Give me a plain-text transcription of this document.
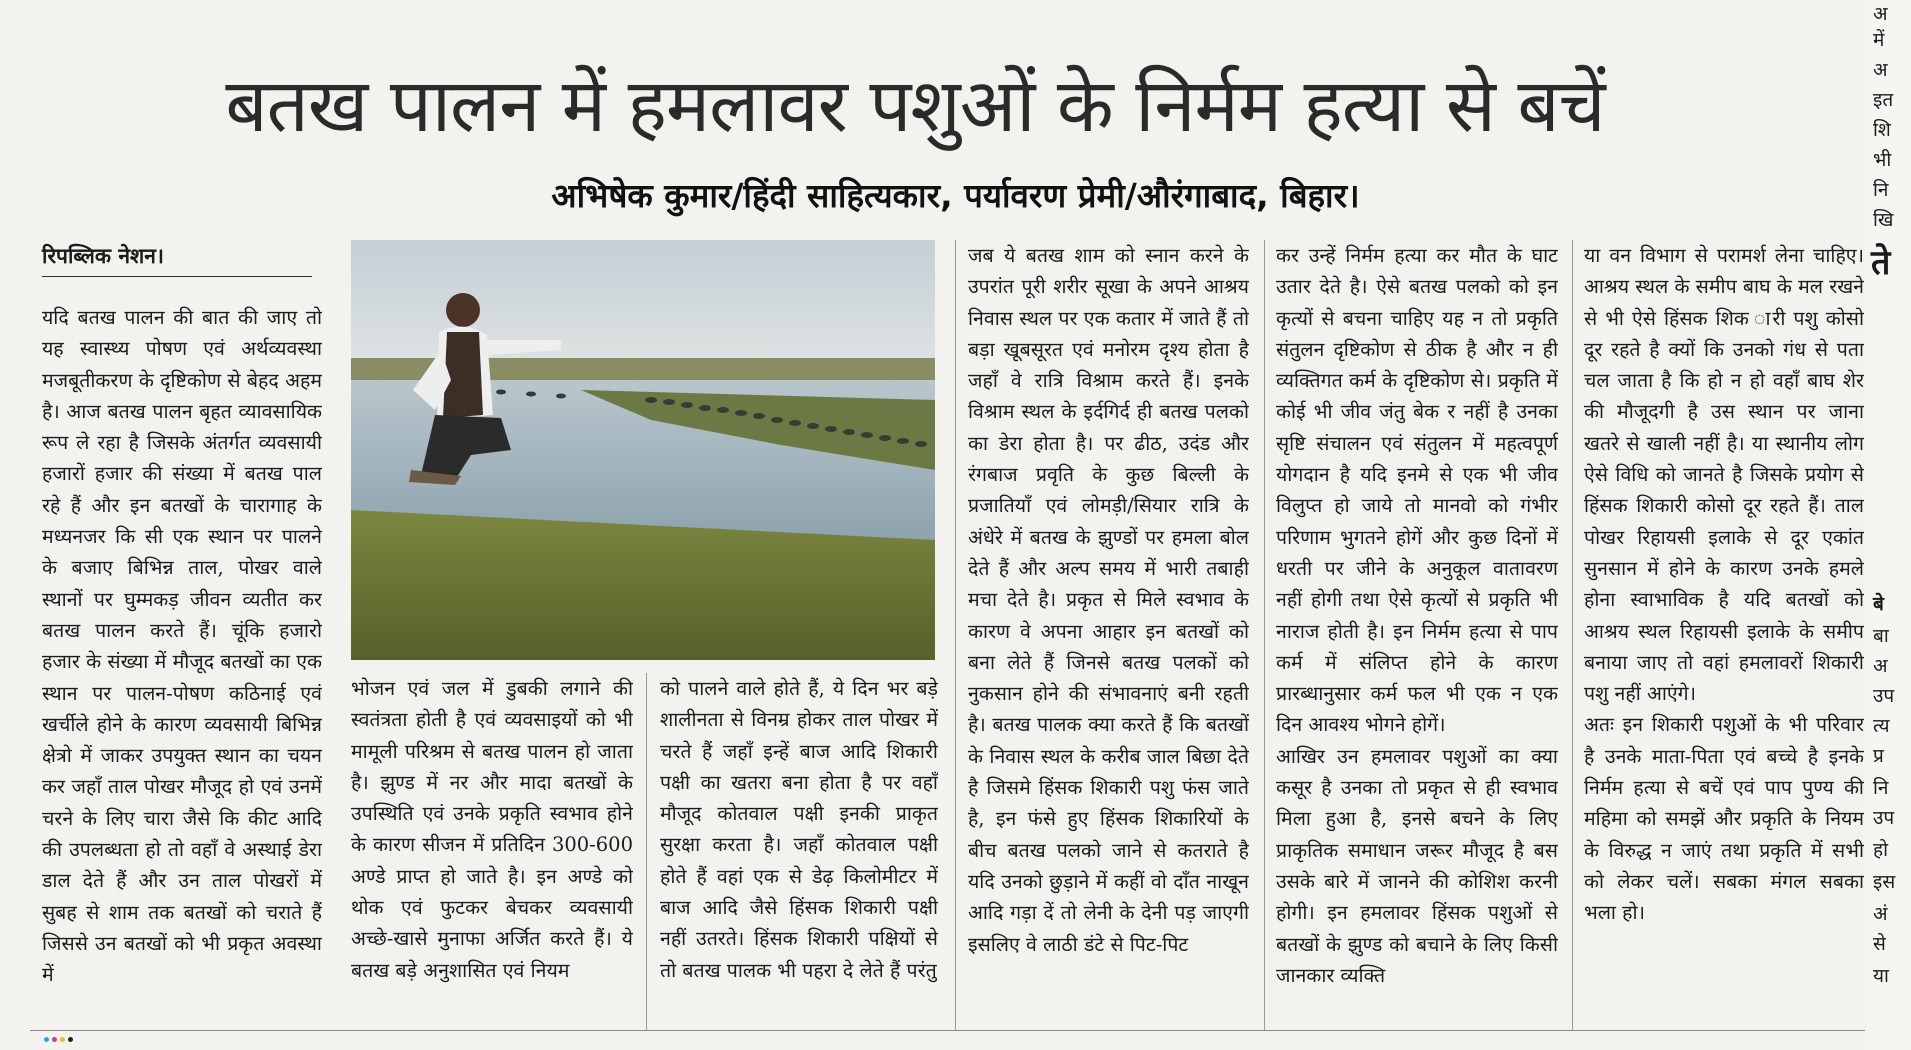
बतख पालन में हमलावर पशुओं के निर्मम हत्या से बचें
अभिषेक कुमार/हिंदी साहित्यकार, पर्यावरण प्रेमी/औरंगाबाद, बिहार।
रिपब्लिक नेशन।

यदि बतख पालन की बात की जाए तो यह स्वास्थ्य पोषण एवं अर्थव्यवस्था मजबूतीकरण के दृष्टिकोण से बेहद अहम है। आज बतख पालन बृहत व्यावसायिक रूप ले रहा है जिसके अंतर्गत व्यवसायी हजारों हजार की संख्या में बतख पाल रहे हैं और इन बतखों के चारागाह के मध्यनजर कि सी एक स्थान पर पालने के बजाए बिभिन्न ताल, पोखर वाले स्थानों पर घुम्मकड़ जीवन व्यतीत कर बतख पालन करते हैं। चूंकि हजारो हजार के संख्या में मौजूद बतखों का एक स्थान पर पालन-पोषण कठिनाई एवं खर्चीले होने के कारण व्यवसायी बिभिन्न क्षेत्रो में जाकर उपयुक्त स्थान का चयन कर जहाँ ताल पोखर मौजूद हो एवं उनमें चरने के लिए चारा जैसे कि कीट आदि की उपलब्धता हो तो वहाँ वे अस्थाई डेरा डाल देते हैं और उन ताल पोखरों में सुबह से शाम तक बतखों को चराते हैं जिससे उन बतखों को भी प्रकृत अवस्था में

भोजन एवं जल में डुबकी लगाने की स्वतंत्रता होती है एवं व्यवसाइयों को भी मामूली परिश्रम से बतख पालन हो जाता है। झुण्ड में नर और मादा बतखों के उपस्थिति एवं उनके प्रकृति स्वभाव होने के कारण सीजन में प्रतिदिन 300-600 अण्डे प्राप्त हो जाते है। इन अण्डे को थोक एवं फुटकर बेचकर व्यवसायी अच्छे-खासे मुनाफा अर्जित करते हैं। ये बतख बड़े अनुशासित एवं नियम

को पालने वाले होते हैं, ये दिन भर बड़े शालीनता से विनम्र होकर ताल पोखर में चरते हैं जहाँ इन्हें बाज आदि शिकारी पक्षी का खतरा बना होता है पर वहाँ मौजूद कोतवाल पक्षी इनकी प्राकृत सुरक्षा करता है। जहाँ कोतवाल पक्षी होते हैं वहां एक से डेढ़ किलोमीटर में बाज आदि जैसे हिंसक शिकारी पक्षी नहीं उतरते। हिंसक शिकारी पक्षियों से तो बतख पालक भी पहरा दे लेते हैं परंतु

जब ये बतख शाम को स्नान करने के उपरांत पूरी शरीर सूखा के अपने आश्रय निवास स्थल पर एक कतार में जाते हैं तो बड़ा खूबसूरत एवं मनोरम दृश्य होता है जहाँ वे रात्रि विश्राम करते हैं। इनके विश्राम स्थल के इर्दगिर्द ही बतख पलको का डेरा होता है। पर ढीठ, उदंड और रंगबाज प्रवृति के कुछ बिल्ली के प्रजातियाँ एवं लोमड़ी/सियार रात्रि के अंधेरे में बतख के झुण्डों पर हमला बोल देते हैं और अल्प समय में भारी तबाही मचा देते है। प्रकृत से मिले स्वभाव के कारण वे अपना आहार इन बतखों को बना लेते हैं जिनसे बतख पलकों को नुकसान होने की संभावनाएं बनी रहती है। बतख पालक क्या करते हैं कि बतखों के निवास स्थल के करीब जाल बिछा देते है जिसमे हिंसक शिकारी पशु फंस जाते है, इन फंसे हुए हिंसक शिकारियों के बीच बतख पलको जाने से कतराते है यदि उनको छुड़ाने में कहीं वो दाँत नाखून आदि गड़ा दें तो लेनी के देनी पड़ जाएगी इसलिए वे लाठी डंटे से पिट-पिट

कर उन्हें निर्मम हत्या कर मौत के घाट उतार देते है। ऐसे बतख पलको को इन कृत्यों से बचना चाहिए यह न तो प्रकृति संतुलन दृष्टिकोण से ठीक है और न ही व्यक्तिगत कर्म के दृष्टिकोण से। प्रकृति में कोई भी जीव जंतु बेक र नहीं है उनका सृष्टि संचालन एवं संतुलन में महत्वपूर्ण योगदान है यदि इनमे से एक भी जीव विलुप्त हो जाये तो मानवो को गंभीर परिणाम भुगतने होगें और कुछ दिनों में धरती पर जीने के अनुकूल वातावरण नहीं होगी तथा ऐसे कृत्यों से प्रकृति भी नाराज होती है। इन निर्मम हत्या से पाप कर्म में संलिप्त होने के कारण प्रारब्धानुसार कर्म फल भी एक न एक दिन आवश्य भोगने होगें।

आखिर उन हमलावर पशुओं का क्या कसूर है उनका तो प्रकृत से ही स्वभाव मिला हुआ है, इनसे बचने के लिए प्राकृतिक समाधान जरूर मौजूद है बस उसके बारे में जानने की कोशिश करनी होगी। इन हमलावर हिंसक पशुओं से बतखों के झुण्ड को बचाने के लिए किसी जानकार व्यक्ति

या वन विभाग से परामर्श लेना चाहिए। आश्रय स्थल के समीप बाघ के मल रखने से भी ऐसे हिंसक शिक ारी पशु कोसो दूर रहते है क्यों कि उनको गंध से पता चल जाता है कि हो न हो वहाँ बाघ शेर की मौजूदगी है उस स्थान पर जाना खतरे से खाली नहीं है। या स्थानीय लोग ऐसे विधि को जानते है जिसके प्रयोग से हिंसक शिकारी कोसो दूर रहते हैं। ताल पोखर रिहायसी इलाके से दूर एकांत सुनसान में होने के कारण उनके हमले होना स्वाभाविक है यदि बतखों को आश्रय स्थल रिहायसी इलाके के समीप बनाया जाए तो वहां हमलावरों शिकारी पशु नहीं आएंगे।

अतः इन शिकारी पशुओं के भी परिवार है उनके माता-पिता एवं बच्चे है इनके निर्मम हत्या से बचें एवं पाप पुण्य की महिमा को समझें और प्रकृति के नियम के विरुद्ध न जाएं तथा प्रकृति में सभी को लेकर चलें। सबका मंगल सबका भला हो।

अ
में
अ
इत
शि
भी
नि
खि
ते
बे
बा
अ
उप
त्य
प्र
नि
उप
हो
इस
अं
से
या
